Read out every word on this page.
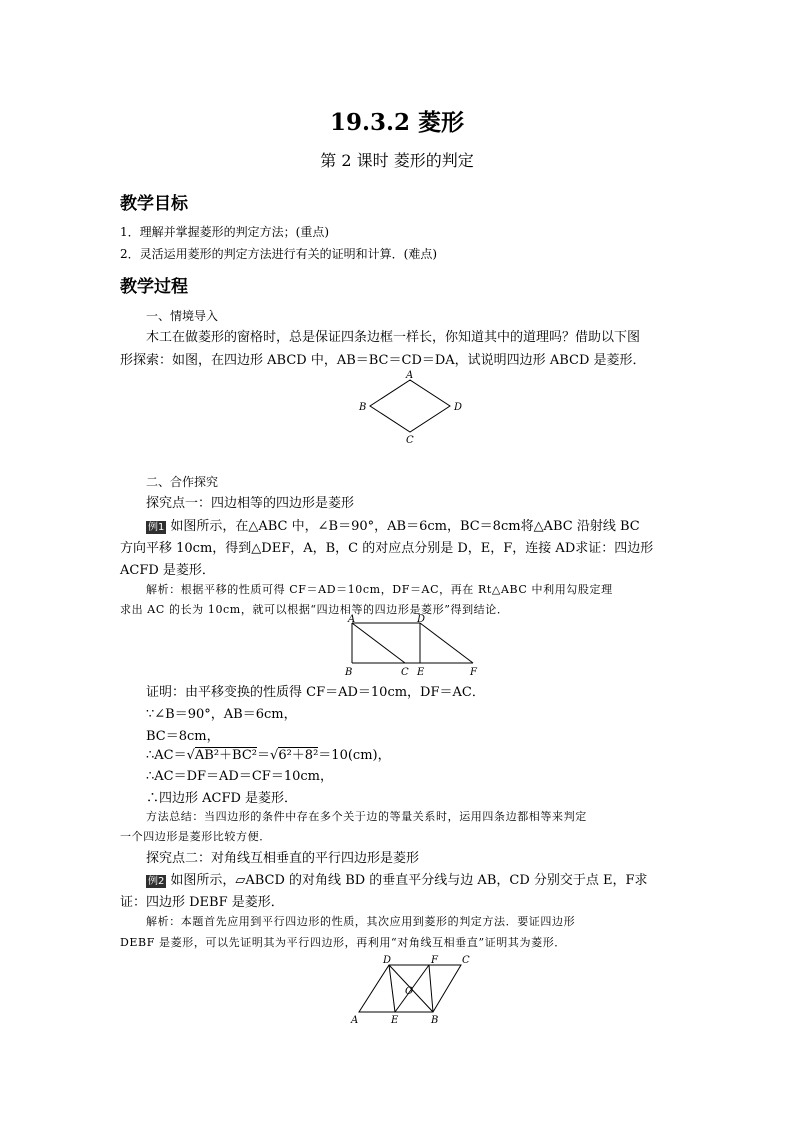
19.3.2 菱形
第 2 课时 菱形的判定
教学目标
1．理解并掌握菱形的判定方法；(重点)
2．灵活运用菱形的判定方法进行有关的证明和计算．(难点)
教学过程
一、情境导入
木工在做菱形的窗格时，总是保证四条边框一样长，你知道其中的道理吗？借助以下图
形探索：如图，在四边形 ABCD 中，AB＝BC＝CD＝DA，试说明四边形 ABCD 是菱形．
A
B
C
D
二、合作探究
探究点一：四边相等的四边形是菱形
例1 如图所示，在△ABC 中，∠B＝90°，AB＝6cm，BC＝8cm将△ABC 沿射线 BC
方向平移 10cm，得到△DEF，A，B，C 的对应点分别是 D，E，F，连接 AD求证：四边形
ACFD 是菱形．
解析：根据平移的性质可得 CF＝AD＝10cm，DF＝AC，再在 Rt△ABC 中利用勾股定理
求出 AC 的长为 10cm，就可以根据“四边相等的四边形是菱形”得到结论．
A	D
B	C E	F
证明：由平移变换的性质得 CF＝AD＝10cm，DF＝AC．
∵∠B＝90°，AB＝6cm，
BC＝8cm，
∴AC＝√AB²＋BC²＝√6²＋8²＝10(cm)，
∴AC＝DF＝AD＝CF＝10cm，
∴四边形 ACFD 是菱形．
方法总结：当四边形的条件中存在多个关于边的等量关系时，运用四条边都相等来判定
一个四边形是菱形比较方便．
探究点二：对角线互相垂直的平行四边形是菱形
例2 如图所示，▱ABCD 的对角线 BD 的垂直平分线与边 AB，CD 分别交于点 E，F求
证：四边形 DEBF 是菱形．
解析：本题首先应用到平行四边形的性质，其次应用到菱形的判定方法．要证四边形
DEBF 是菱形，可以先证明其为平行四边形，再利用“对角线互相垂直”证明其为菱形．
D	F C
O
A	E	B
